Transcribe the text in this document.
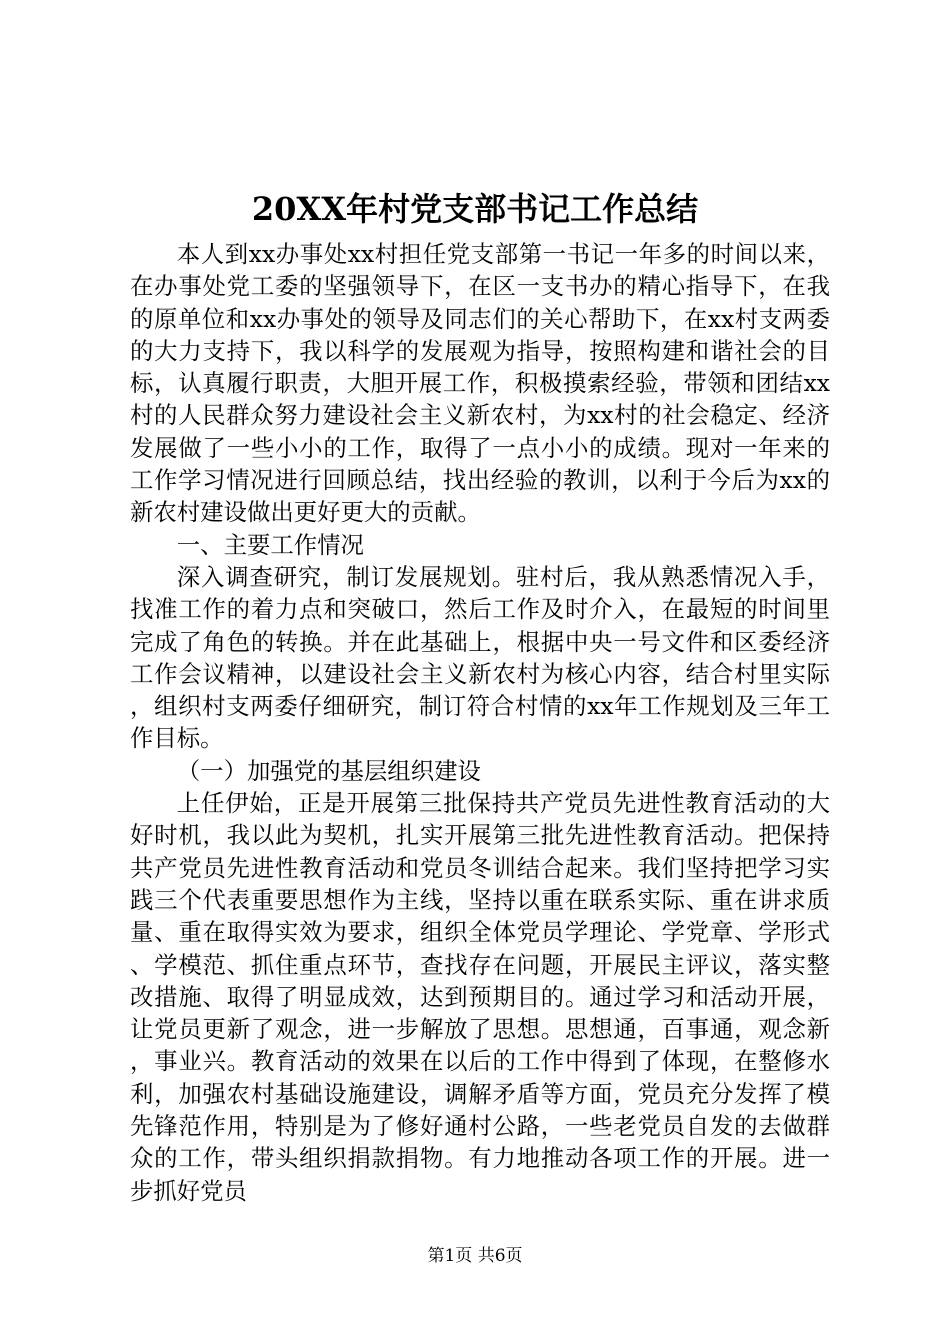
20XX年村党支部书记工作总结

本人到xx办事处xx村担任党支部第一书记一年多的时间以来，在办事处党工委的坚强领导下，在区一支书办的精心指导下，在我的原单位和xx办事处的领导及同志们的关心帮助下，在xx村支两委的大力支持下，我以科学的发展观为指导，按照构建和谐社会的目标，认真履行职责，大胆开展工作，积极摸索经验，带领和团结xx村的人民群众努力建设社会主义新农村，为xx村的社会稳定、经济发展做了一些小小的工作，取得了一点小小的成绩。现对一年来的工作学习情况进行回顾总结，找出经验的教训，以利于今后为xx的新农村建设做出更好更大的贡献。

一、主要工作情况

深入调查研究，制订发展规划。驻村后，我从熟悉情况入手，找准工作的着力点和突破口，然后工作及时介入，在最短的时间里完成了角色的转换。并在此基础上，根据中央一号文件和区委经济工作会议精神，以建设社会主义新农村为核心内容，结合村里实际，组织村支两委仔细研究，制订符合村情的xx年工作规划及三年工作目标。

（一）加强党的基层组织建设

上任伊始，正是开展第三批保持共产党员先进性教育活动的大好时机，我以此为契机，扎实开展第三批先进性教育活动。把保持共产党员先进性教育活动和党员冬训结合起来。我们坚持把学习实践三个代表重要思想作为主线，坚持以重在联系实际、重在讲求质量、重在取得实效为要求，组织全体党员学理论、学党章、学形式、学模范、抓住重点环节，查找存在问题，开展民主评议，落实整改措施、取得了明显成效，达到预期目的。通过学习和活动开展，让党员更新了观念，进一步解放了思想。思想通，百事通，观念新，事业兴。教育活动的效果在以后的工作中得到了体现，在整修水利，加强农村基础设施建设，调解矛盾等方面，党员充分发挥了模先锋范作用，特别是为了修好通村公路，一些老党员自发的去做群众的工作，带头组织捐款捐物。有力地推动各项工作的开展。进一步抓好党员

第1页 共6页
